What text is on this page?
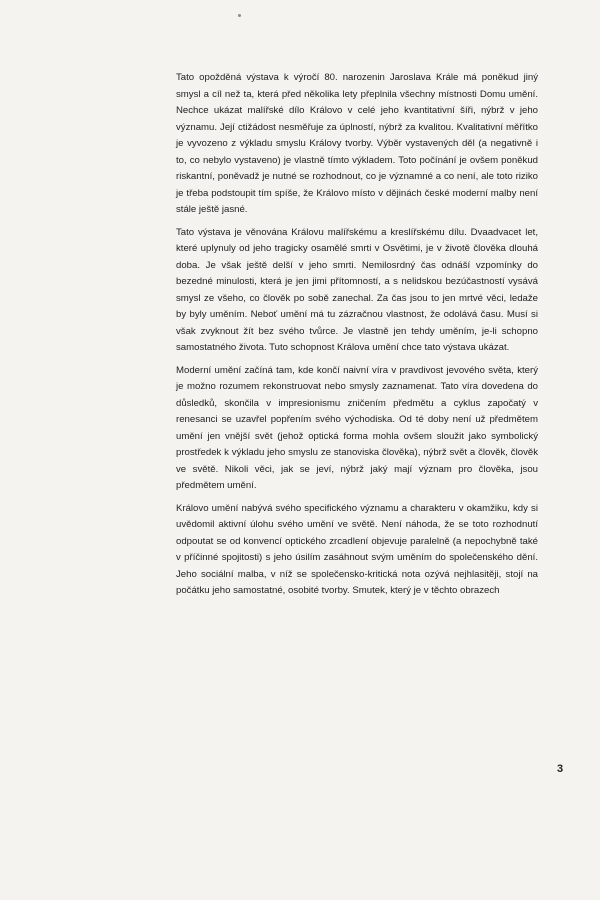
Tato opožděná výstava k výročí 80. narozenin Jaroslava Krále má poněkud jiný smysl a cíl než ta, která před několika lety přeplnila všechny místnosti Domu umění. Nechce ukázat malířské dílo Královo v celé jeho kvantitativní šíři, nýbrž v jeho významu. Její ctižádost nesměřuje za úplností, nýbrž za kvalitou. Kvalitativní měřítko je vyvozeno z výkladu smyslu Královy tvorby. Výběr vystavených děl (a negativně i to, co nebylo vystaveno) je vlastně tímto výkladem. Toto počínání je ovšem poněkud riskantní, poněvadž je nutné se rozhodnout, co je významné a co není, ale toto riziko je třeba podstoupit tím spíše, že Královo místo v dějinách české moderní malby není stále ještě jasné.

Tato výstava je věnována Královu malířskému a kreslířskému dílu. Dvaadvacet let, které uplynuly od jeho tragicky osamělé smrti v Osvětimi, je v životě člověka dlouhá doba. Je však ještě delší v jeho smrti. Nemilosrdný čas odnáší vzpomínky do bezedné minulosti, která je jen jimi přítomností, a s nelidskou bezúčastností vysává smysl ze všeho, co člověk po sobě zanechal. Za čas jsou to jen mrtvé věci, ledaže by byly uměním. Neboť umění má tu zázračnou vlastnost, že odolává času. Musí si však zvyknout žít bez svého tvůrce. Je vlastně jen tehdy uměním, je-li schopno samostatného života. Tuto schopnost Králova umění chce tato výstava ukázat.

Moderní umění začíná tam, kde končí naivní víra v pravdivost jevového světa, který je možno rozumem rekonstruovat nebo smysly zaznamenat. Tato víra dovedena do důsledků, skončila v impresionismu zničením předmětu a cyklus započatý v renesanci se uzavřel popřením svého východiska. Od té doby není už předmětem umění jen vnější svět (jehož optická forma mohla ovšem sloužit jako symbolický prostředek k výkladu jeho smyslu ze stanoviska člověka), nýbrž svět a člověk, člověk ve světě. Nikoli věci, jak se jeví, nýbrž jaký mají význam pro člověka, jsou předmětem umění.

Královo umění nabývá svého specifického významu a charakteru v okamžiku, kdy si uvědomil aktivní úlohu svého umění ve světě. Není náhoda, že se toto rozhodnutí odpoutat se od konvencí optického zrcadlení objevuje paralelně (a nepochybně také v příčinné spojitosti) s jeho úsilím zasáhnout svým uměním do společenského dění. Jeho sociální malba, v níž se společensko-kritická nota ozývá nejhlasitěji, stojí na počátku jeho samostatné, osobité tvorby. Smutek, který je v těchto obrazech

3
